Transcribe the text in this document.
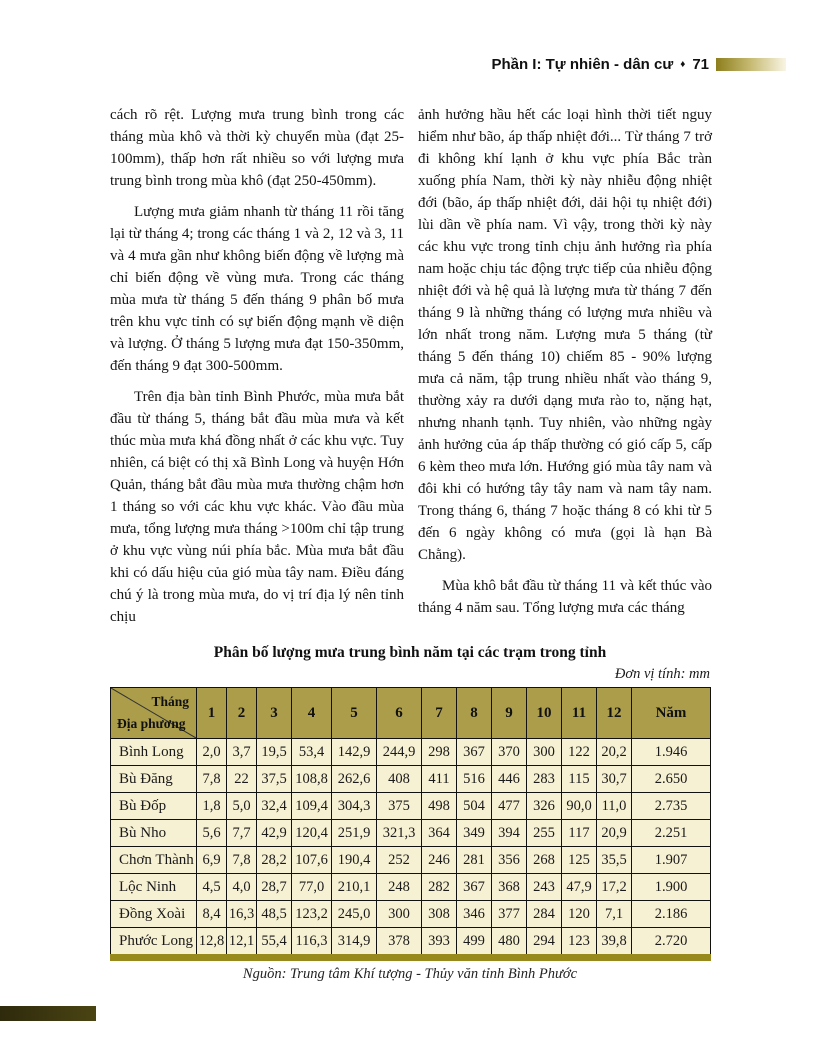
Phần I: Tự nhiên - dân cư ♦ 71

cách rõ rệt. Lượng mưa trung bình trong các tháng mùa khô và thời kỳ chuyển mùa (đạt 25-100mm), thấp hơn rất nhiều so với lượng mưa trung bình trong mùa khô (đạt 250-450mm).

Lượng mưa giảm nhanh từ tháng 11 rồi tăng lại từ tháng 4; trong các tháng 1 và 2, 12 và 3, 11 và 4 mưa gần như không biến động về lượng mà chỉ biến động về vùng mưa. Trong các tháng mùa mưa từ tháng 5 đến tháng 9 phân bố mưa trên khu vực tỉnh có sự biến động mạnh về diện và lượng. Ở tháng 5 lượng mưa đạt 150-350mm, đến tháng 9 đạt 300-500mm.

Trên địa bàn tỉnh Bình Phước, mùa mưa bắt đầu từ tháng 5, tháng bắt đầu mùa mưa và kết thúc mùa mưa khá đồng nhất ở các khu vực. Tuy nhiên, cá biệt có thị xã Bình Long và huyện Hớn Quản, tháng bắt đầu mùa mưa thường chậm hơn 1 tháng so với các khu vực khác. Vào đầu mùa mưa, tổng lượng mưa tháng >100m chỉ tập trung ở khu vực vùng núi phía bắc. Mùa mưa bắt đầu khi có dấu hiệu của gió mùa tây nam. Điều đáng chú ý là trong mùa mưa, do vị trí địa lý nên tỉnh chịu

ảnh hưởng hầu hết các loại hình thời tiết nguy hiểm như bão, áp thấp nhiệt đới... Từ tháng 7 trở đi không khí lạnh ở khu vực phía Bắc tràn xuống phía Nam, thời kỳ này nhiễu động nhiệt đới (bão, áp thấp nhiệt đới, dải hội tụ nhiệt đới) lùi dần về phía nam. Vì vậy, trong thời kỳ này các khu vực trong tỉnh chịu ảnh hưởng rìa phía nam hoặc chịu tác động trực tiếp của nhiễu động nhiệt đới và hệ quả là lượng mưa từ tháng 7 đến tháng 9 là những tháng có lượng mưa nhiều và lớn nhất trong năm. Lượng mưa 5 tháng (từ tháng 5 đến tháng 10) chiếm 85 - 90% lượng mưa cả năm, tập trung nhiều nhất vào tháng 9, thường xảy ra dưới dạng mưa rào to, nặng hạt, nhưng nhanh tạnh. Tuy nhiên, vào những ngày ảnh hưởng của áp thấp thường có gió cấp 5, cấp 6 kèm theo mưa lớn. Hướng gió mùa tây nam và đôi khi có hướng tây tây nam và nam tây nam. Trong tháng 6, tháng 7 hoặc tháng 8 có khi từ 5 đến 6 ngày không có mưa (gọi là hạn Bà Chằng).

Mùa khô bắt đầu từ tháng 11 và kết thúc vào tháng 4 năm sau. Tổng lượng mưa các tháng

Phân bố lượng mưa trung bình năm tại các trạm trong tỉnh
Đơn vị tính: mm
Tháng
Địa phương	1	2	3	4	5	6	7	8	9	10	11	12	Năm
Bình Long	2,0	3,7	19,5	53,4	142,9	244,9	298	367	370	300	122	20,2	1.946
Bù Đăng	7,8	22	37,5	108,8	262,6	408	411	516	446	283	115	30,7	2.650
Bù Đốp	1,8	5,0	32,4	109,4	304,3	375	498	504	477	326	90,0	11,0	2.735
Bù Nho	5,6	7,7	42,9	120,4	251,9	321,3	364	349	394	255	117	20,9	2.251
Chơn Thành	6,9	7,8	28,2	107,6	190,4	252	246	281	356	268	125	35,5	1.907
Lộc Ninh	4,5	4,0	28,7	77,0	210,1	248	282	367	368	243	47,9	17,2	1.900
Đồng Xoài	8,4	16,3	48,5	123,2	245,0	300	308	346	377	284	120	7,1	2.186
Phước Long	12,8	12,1	55,4	116,3	314,9	378	393	499	480	294	123	39,8	2.720
Nguồn: Trung tâm Khí tượng - Thủy văn tỉnh Bình Phước
